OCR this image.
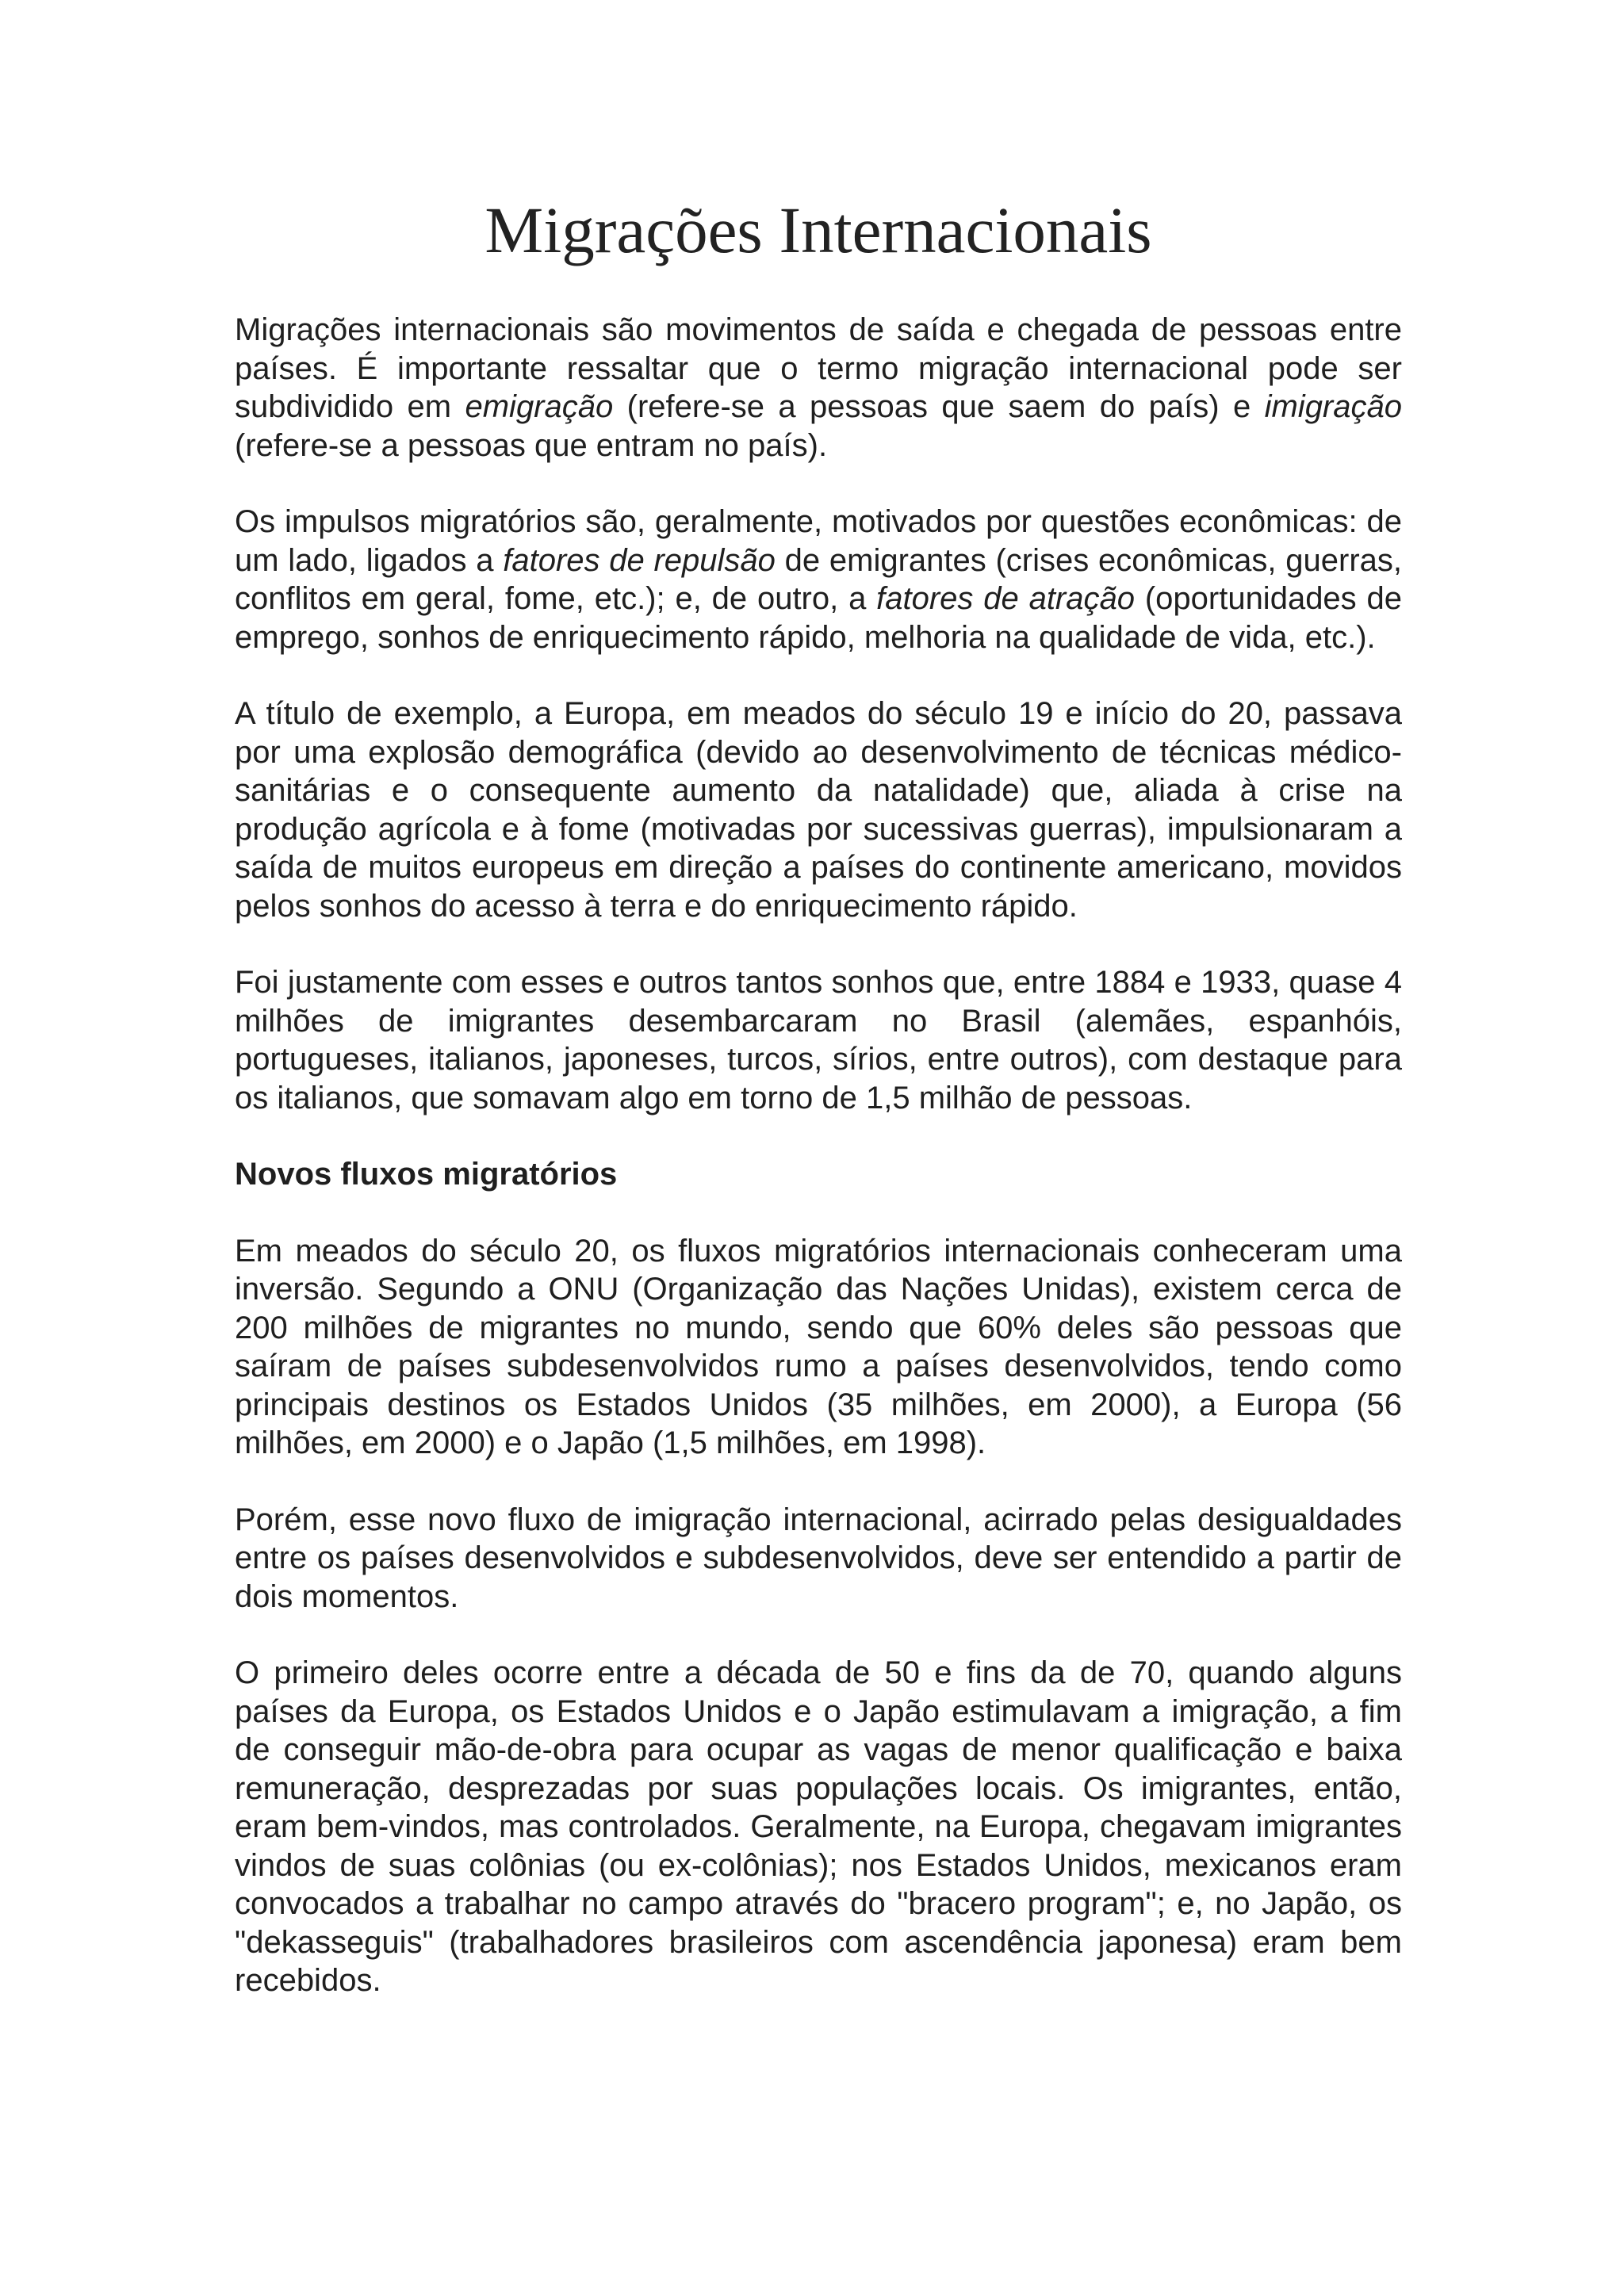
Migrações Internacionais

Migrações internacionais são movimentos de saída e chegada de pessoas entre países. É importante ressaltar que o termo migração internacional pode ser subdividido em emigração (refere-se a pessoas que saem do país) e imigração (refere-se a pessoas que entram no país).

Os impulsos migratórios são, geralmente, motivados por questões econômicas: de um lado, ligados a fatores de repulsão de emigrantes (crises econômicas, guerras, conflitos em geral, fome, etc.); e, de outro, a fatores de atração (oportunidades de emprego, sonhos de enriquecimento rápido, melhoria na qualidade de vida, etc.).

A título de exemplo, a Europa, em meados do século 19 e início do 20, passava por uma explosão demográfica (devido ao desenvolvimento de técnicas médico-sanitárias e o consequente aumento da natalidade) que, aliada à crise na produção agrícola e à fome (motivadas por sucessivas guerras), impulsionaram a saída de muitos europeus em direção a países do continente americano, movidos pelos sonhos do acesso à terra e do enriquecimento rápido.

Foi justamente com esses e outros tantos sonhos que, entre 1884 e 1933, quase 4 milhões de imigrantes desembarcaram no Brasil (alemães, espanhóis, portugueses, italianos, japoneses, turcos, sírios, entre outros), com destaque para os italianos, que somavam algo em torno de 1,5 milhão de pessoas.

Novos fluxos migratórios

Em meados do século 20, os fluxos migratórios internacionais conheceram uma inversão. Segundo a ONU (Organização das Nações Unidas), existem cerca de 200 milhões de migrantes no mundo, sendo que 60% deles são pessoas que saíram de países subdesenvolvidos rumo a países desenvolvidos, tendo como principais destinos os Estados Unidos (35 milhões, em 2000), a Europa (56 milhões, em 2000) e o Japão (1,5 milhões, em 1998).

Porém, esse novo fluxo de imigração internacional, acirrado pelas desigualdades entre os países desenvolvidos e subdesenvolvidos, deve ser entendido a partir de dois momentos.

O primeiro deles ocorre entre a década de 50 e fins da de 70, quando alguns países da Europa, os Estados Unidos e o Japão estimulavam a imigração, a fim de conseguir mão-de-obra para ocupar as vagas de menor qualificação e baixa remuneração, desprezadas por suas populações locais. Os imigrantes, então, eram bem-vindos, mas controlados. Geralmente, na Europa, chegavam imigrantes vindos de suas colônias (ou ex-colônias); nos Estados Unidos, mexicanos eram convocados a trabalhar no campo através do "bracero program"; e, no Japão, os "dekasseguis" (trabalhadores brasileiros com ascendência japonesa) eram bem recebidos.
